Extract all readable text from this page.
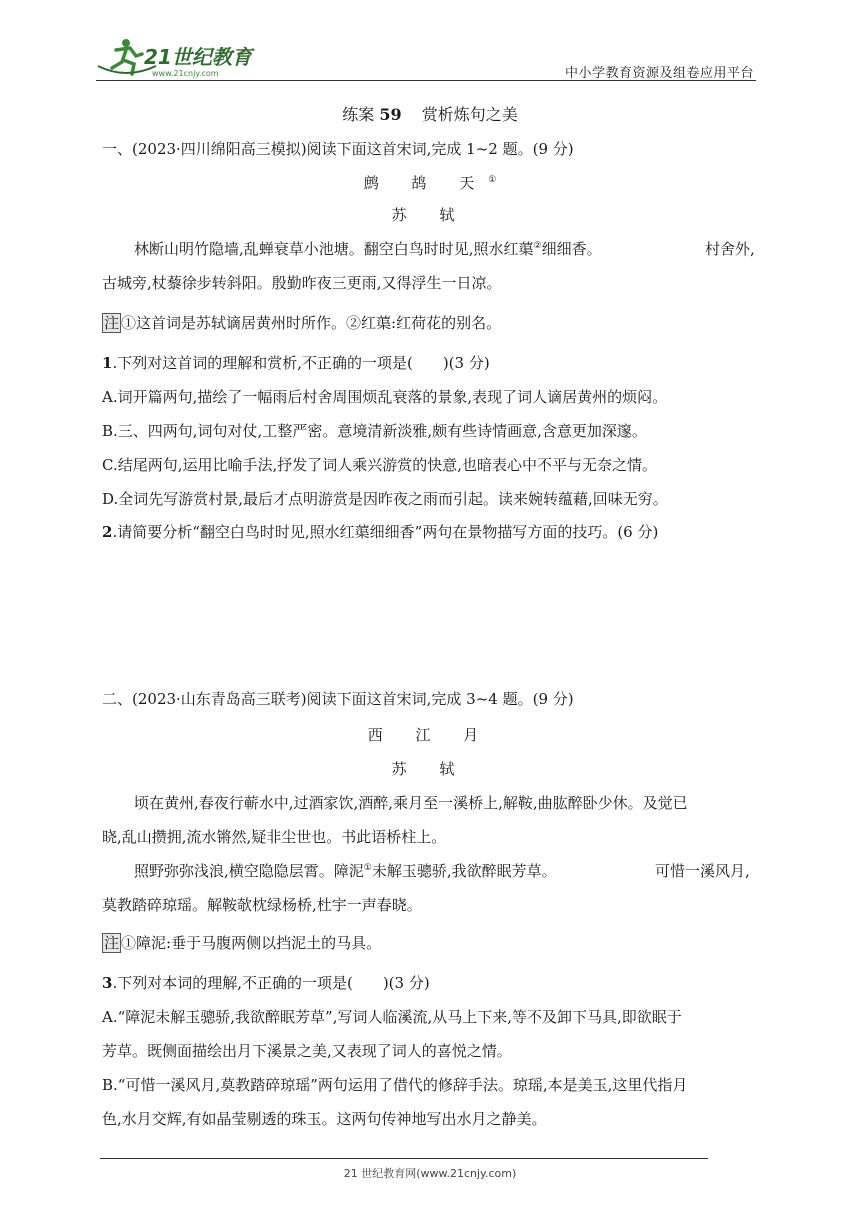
21世纪教育
www.21cnjy.com	中小学教育资源及组卷应用平台
练案 59 赏析炼句之美
一、(2023·四川绵阳高三模拟)阅读下面这首宋词,完成 1~2 题。(9 分)
鹧 鸪 天①
苏 轼
林断山明竹隐墙,乱蝉衰草小池塘。翻空白鸟时时见,照水红蕖②细细香。	村舍外,
古城旁,杖藜徐步转斜阳。殷勤昨夜三更雨,又得浮生一日凉。
注 ①这首词是苏轼谪居黄州时所作。②红蕖:红荷花的别名。
1.下列对这首词的理解和赏析,不正确的一项是(　　)(3 分)
A.词开篇两句,描绘了一幅雨后村舍周围烦乱衰落的景象,表现了词人谪居黄州的烦闷。
B.三、四两句,词句对仗,工整严密。意境清新淡雅,颇有些诗情画意,含意更加深邃。
C.结尾两句,运用比喻手法,抒发了词人乘兴游赏的快意,也暗表心中不平与无奈之情。
D.全词先写游赏村景,最后才点明游赏是因昨夜之雨而引起。读来婉转蕴藉,回味无穷。
2.请简要分析“翻空白鸟时时见,照水红蕖细细香”两句在景物描写方面的技巧。(6 分)
二、(2023·山东青岛高三联考)阅读下面这首宋词,完成 3~4 题。(9 分)
西 江 月
苏 轼
顷在黄州,春夜行蕲水中,过酒家饮,酒醉,乘月至一溪桥上,解鞍,曲肱醉卧少休。及觉已
晓,乱山攒拥,流水锵然,疑非尘世也。书此语桥柱上。
照野弥弥浅浪,横空隐隐层霄。障泥①未解玉骢骄,我欲醉眠芳草。	可惜一溪风月,
莫教踏碎琼瑶。解鞍欹枕绿杨桥,杜宇一声春晓。
注 ①障泥:垂于马腹两侧以挡泥土的马具。
3.下列对本词的理解,不正确的一项是(　　)(3 分)
A.“障泥未解玉骢骄,我欲醉眠芳草”,写词人临溪流,从马上下来,等不及卸下马具,即欲眠于
芳草。既侧面描绘出月下溪景之美,又表现了词人的喜悦之情。
B.“可惜一溪风月,莫教踏碎琼瑶”两句运用了借代的修辞手法。琼瑶,本是美玉,这里代指月
色,水月交辉,有如晶莹剔透的珠玉。这两句传神地写出水月之静美。
21 世纪教育网(www.21cnjy.com)
